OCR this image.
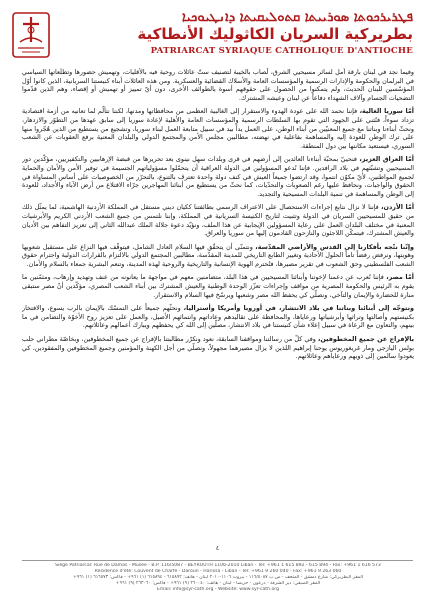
ܦܛܪܝܪܟܘܬܐ ܣܘܪܝܝܬܐ ܩܬܘܠܝܩܝܬܐ ܕܐܢܛܝܘܟܝܐ
بطريركية السريان الكاثوليك الأنطاكية
PATRIARCAT SYRIAQUE CATHOLIQUE D'ANTIOCHE

وفيما نجد في لبنان بارقة أمل لسائر مسيحيي الشرق، لُصاب بالخيبة لتصنيف ستّ عائلات روحية فيه بالأقليات، وتهميش حضورها وتطلّعاتها السياسي في البرلمان والحكومة والإدارات الرسمية والمؤسسات العامة والأسلاك القضائية والعسكرية. ومن هذه العائلات أبناء كنيستنا السريانية، الذين كانوا أوّل المؤسّسين للبنان الحديث، ولم يتمكنوا من الحصول على حقوقهم أسوة بالطوائف الأخرى، دون أيّ تمييز أو تهميش أو إقصاء، وهم الذين قدّموا التضحيات الجسام وآلاف الشهداء دفاعاً عن لبنان وعيشه المشترك.

أمّا سوريا الغالية، فإننا نحمد الله على عودة الهدوء والاستقرار إلى الغالبية العظمى من محافظاتها ومدنها، لكننا نتألّم لما تعانيه من أزمة اقتصادية تزداد سوءاً، فنُثني على الجهود التي تقوم بها السلطات الرسمية والمؤسسات العامة والأهلية لإعادة سوريا إلى سابق عهدها من التطوّر والازدهار، ونحثّ أبناءنا وبناتنا مع جميع المعنيّين من أبناء الوطن، على العمل يداً بيد في سبيل متابعة العمل لبناء سوريا، وتشجيع من يستطيع من الذين هُجّروا منها على ترك الوطن للعودة إليه والمساهمة بفاعلية في نهضته، مطالبين مجلس الأمن والمجتمع الدولي والبلدان المعنية برفع العقوبات عن الشعب السوري، فيستعيد مكانتها بين دول المنطقة.

أمّا العراق العزيز، فنحييّ بمحبّة أبناءنا العائدين إلى أرضهم في قرى وبلدات سهل نينوى بعد تحريرها من قبضة الإرهابيين والتكفيريين، مؤكّدين دور المسيحيين وتشبّثهم في بلاد الرافدين. فإننا نُدعو المسؤولين في الدولة العراقية أن يتحمّلوا مسؤولياتهم الجسيمة في توفير الأمن والأمان والحماية لجميع المواطنين، لأيّ مكوّن انتموا، وقد ارتضوا جميعاً العيش في كنف دولة واحدة تعترف بالتنوع، بالتحرّر من الخصوصيات على أساس المساواة في الحقوق والواجبات، ونحافظ عليها رغم الصعوبات والتحدّيات، كما نحثّ من يستطيع من أبنائنا المهاجرين جرّاء الاقتلاع من أرض الآباء والأجداد، للعودة إلى الوطن والمساهمة في تنمية البلدات المسيحية والتجديد.

أمّا الأردن، فإننا لا نزال نتابع إجراءات الاستحصال على الاعتراف الرسمي بطائفتنا ككيان ديني مستقل في المملكة الأردنية الهاشمية، لما يمثّل ذلك من حقيق للمسيحيين السريان في الدولة وتثبيت لتاريخ الكنيسة السريانية في المملكة، وإننا نلتمس من جميع الشعب الأردني الكريم والأبرشيات المعنية في مختلف البلدان العمل على رعاية المسؤولين الإيجابية عن هذا الملف، ونؤيّد دعوة جلالة الملك عبدالله الثاني إلى تعزيز التفاهم بين الأديان والعيش المشترك، فيتمكّن اللاجئون والنازحون القادمون إليها من سوريا والعراق.

وإنّنا نتّجه بأفكارنا إلى القدس والأراضي المقدّسة، ونتمنّى أن يتحقّق فيها السلام العادل الشامل، فيتوقّف فيها النزاع على مستقبل شعوبها وهويتها، ونرفض رفضاً تاماً الحلول الأحادية وتغيير الطابع التاريخي للمدينة المقدّسة، مطالبين المجتمع الدولي بالالتزام بالقرارات الدولية واحترام حقوق الشعب الفلسطيني وحق الشعوب في تقرير مصيرها، فتُحترم الهوية الإنسانية والتاريخية والروحية لهذه المدينة، وتنعم البشرية جمعاء بالسلام والأمان.

أمّا مصر، فإننا نُعرب عن دعمنا لإخوتنا وأبنائنا المسيحيين في هذا البلد، متضامنين معهم في مواجهة ما يعانونه من عنف وتهديد وإرهاب، ومثمّنين ما يقوم به الرئيس والحكومة المصرية من مواقف وإجراءات تعزّز الوحدة الوطنية والعيش المشترك بين أبناء الشعب المصري، مؤكّدين أنّ مصر ستبقى منارة للحضارة والإيمان والتآخي، ونصلّي كي يحفظ الله مصر وشعبها ويرسّخ فيها السلام والاستقرار.

ونتوجّه إلى أبنائنا وبناتنا في بلاد الانتشار، في أوروبا وأمريكا وأستراليا، ونحثّهم جميعاً على التمسّك بالإيمان بالرب يسوع، والافتخار بكنيستهم وأصالتها وتراثها وأبرشياتها ورعاياها، والمحافظة على تقاليدهم وعاداتهم وانتمائهم الأصيل، والعمل على تعزيز روح الأخوّة والتضامن في ما بينهم، والتعاون مع الرعاة في سبيل إعلاء شأن كنيستنا في بلاد الانتشار، مصلّين إلى الله كي يحفظهم ويبارك أعمالهم وعائلاتهم.

بالإفراج عن جميع المخطوفين، وفي كلّ من رسالتنا ومواقفنا السابقة، نعود ونكرّر مطالبتنا بالإفراج عن جميع المخطوفين، وبخاصّة مطراني حلب بولس اليازجي ومار غريغوريوس يوحنا إبراهيم اللذين لا يزال مصيرهما مجهولاً، ونصلّي من أجل الكهنة والمؤمنين وجميع المخطوفين والمفقودين، كي يعودوا سالمين إلى ذويهم ورعاياهم وعائلاتهم.

٤
Siège Patriarcal: Rue de Damas - Musée - B.P. 116/5087 - BEYROUTH 1106-2010 Liban - Tél: +961 1 615 892 - 615 894 - Fax: +961 1 616 573
Résidence d'été: Couvent de Charfé - Daroun - Harissa - Liban - Tél: +961 9 260 040 - Fax: +961 9 263 060
المقر البطريركي: شارع دمشق - المتحف - ص.ب ١١٦/٥٠٨٧ - بيروت ١١٠٦-٢٠١٠ لبنان - هاتف: ٦١٥٨٩٢ - ٦١٥٨٩٤ (١) ٩٦١+ - فاكس: ٦١٦٥٧٣ (١) ٩٦١+
المقر الصيفي: دير الشرفة - درعون - حريصا - لبنان - هاتف: ٢٦٠٠٤٠ (٩) ٩٦١+ - فاكس: ٢٦٣٠٦٠ (٩) ٩٦١+
Email: info@syr-cath.org - Website: www.syr-cath.org
